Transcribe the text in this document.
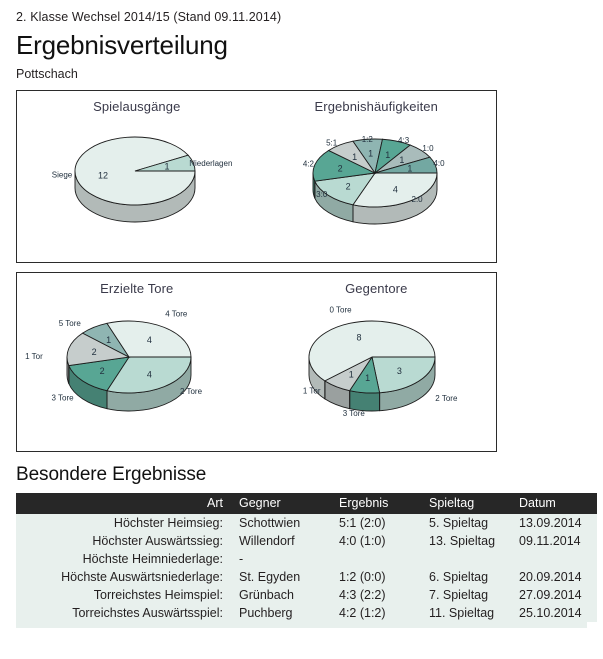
2. Klasse Wechsel 2014/15 (Stand 09.11.2014)
Ergebnisverteilung
Pottschach
Spielausgänge
12
1
Siege
Niederlagen
Ergebnishäufigkeiten
4
2
2
1 1 1
1
1
2:0
3:0
4:2
5:1	1:2	4:3
1:0
4:0
Erzielte Tore
4
2
2
1	4
2 Tore
3 Tore
1 Tor
5 Tore
4 Tore
Gegentore
3
1
1
8
2 Tore
3 Tore
1 Tor
0 Tore
Besondere Ergebnisse
Art	Gegner	Ergebnis	Spieltag	Datum
Höchster Heimsieg:	Schottwien	5:1 (2:0)	5. Spieltag	13.09.2014
Höchster Auswärtssieg:	Willendorf	4:0 (1:0)	13. Spieltag	09.11.2014
Höchste Heimniederlage:	-			
Höchste Auswärtsniederlage:	St. Egyden	1:2 (0:0)	6. Spieltag	20.09.2014
Torreichstes Heimspiel:	Grünbach	4:3 (2:2)	7. Spieltag	27.09.2014
Torreichstes Auswärtsspiel:	Puchberg	4:2 (1:2)	11. Spieltag	25.10.2014
